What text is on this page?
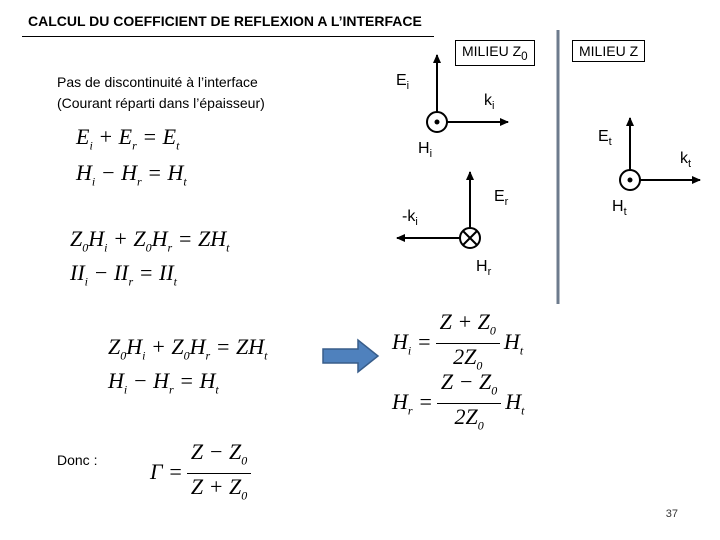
CALCUL DU COEFFICIENT DE REFLEXION A L’INTERFACE
Pas de discontinuité à l’interface
(Courant réparti dans l’épaisseur)
MILIEU $Z_0$	MILIEU Z
$E_i$
$k_i$
$H_i$
$E_t$
$k_t$
$H_t$
$E_r$
$-k_i$
$H_r$
$E_i + E_r = E_t$
$H_i - H_r = H_t$
$Z_0H_i + Z_0H_r = ZH_t$
$II_i - II_r = II_t$
$Z_0H_i + Z_0H_r = ZH_t$
$H_i - H_r = H_t$
$H_i = \frac{Z + Z_0}{2Z_0} H_t$
$H_r = \frac{Z - Z_0}{2Z_0} H_t$
Donc : $\Gamma = \frac{Z - Z_0}{Z + Z_0}$
37
